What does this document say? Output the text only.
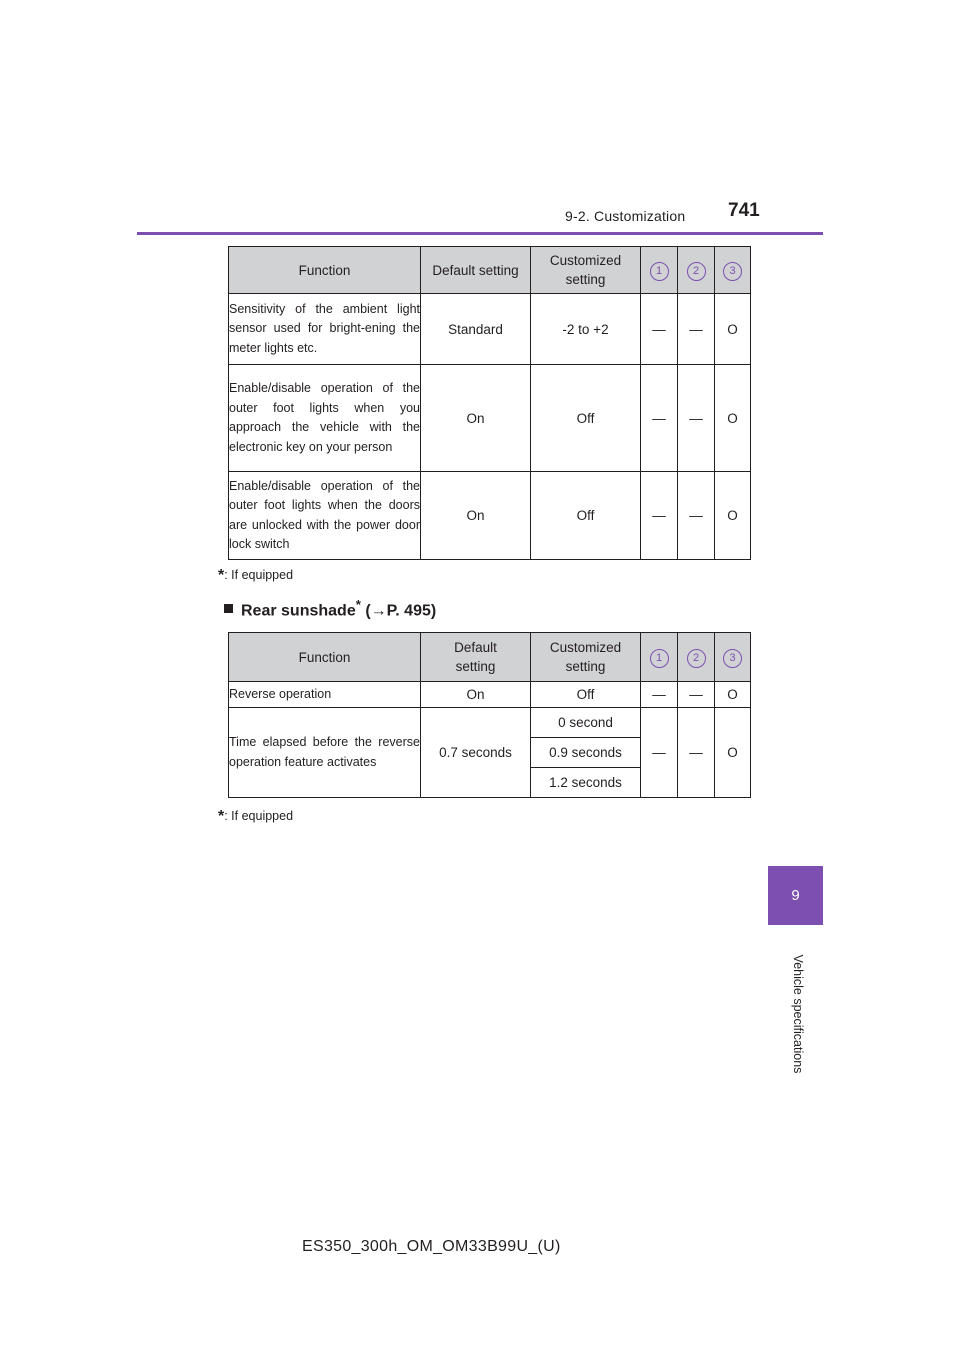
9-2. Customization 741
Function	Default setting	Customized setting	1	2	3
Sensitivity of the ambient light sensor used for bright-ening the meter lights etc.	Standard	-2 to +2	—	—	O
Enable/disable operation of the outer foot lights when you approach the vehicle with the electronic key on your person	On	Off	—	—	O
Enable/disable operation of the outer foot lights when the doors are unlocked with the power door lock switch	On	Off	—	—	O
*: If equipped
Rear sunshade* (→P. 495)
Function	Default setting	Customized setting	1	2	3
Reverse operation	On	Off	—	—	O
Time elapsed before the reverse operation feature activates	0.7 seconds	0 second	—	—	O
		0.9 seconds			
		1.2 seconds			
*: If equipped
9
Vehicle specifications
ES350_300h_OM_OM33B99U_(U)
